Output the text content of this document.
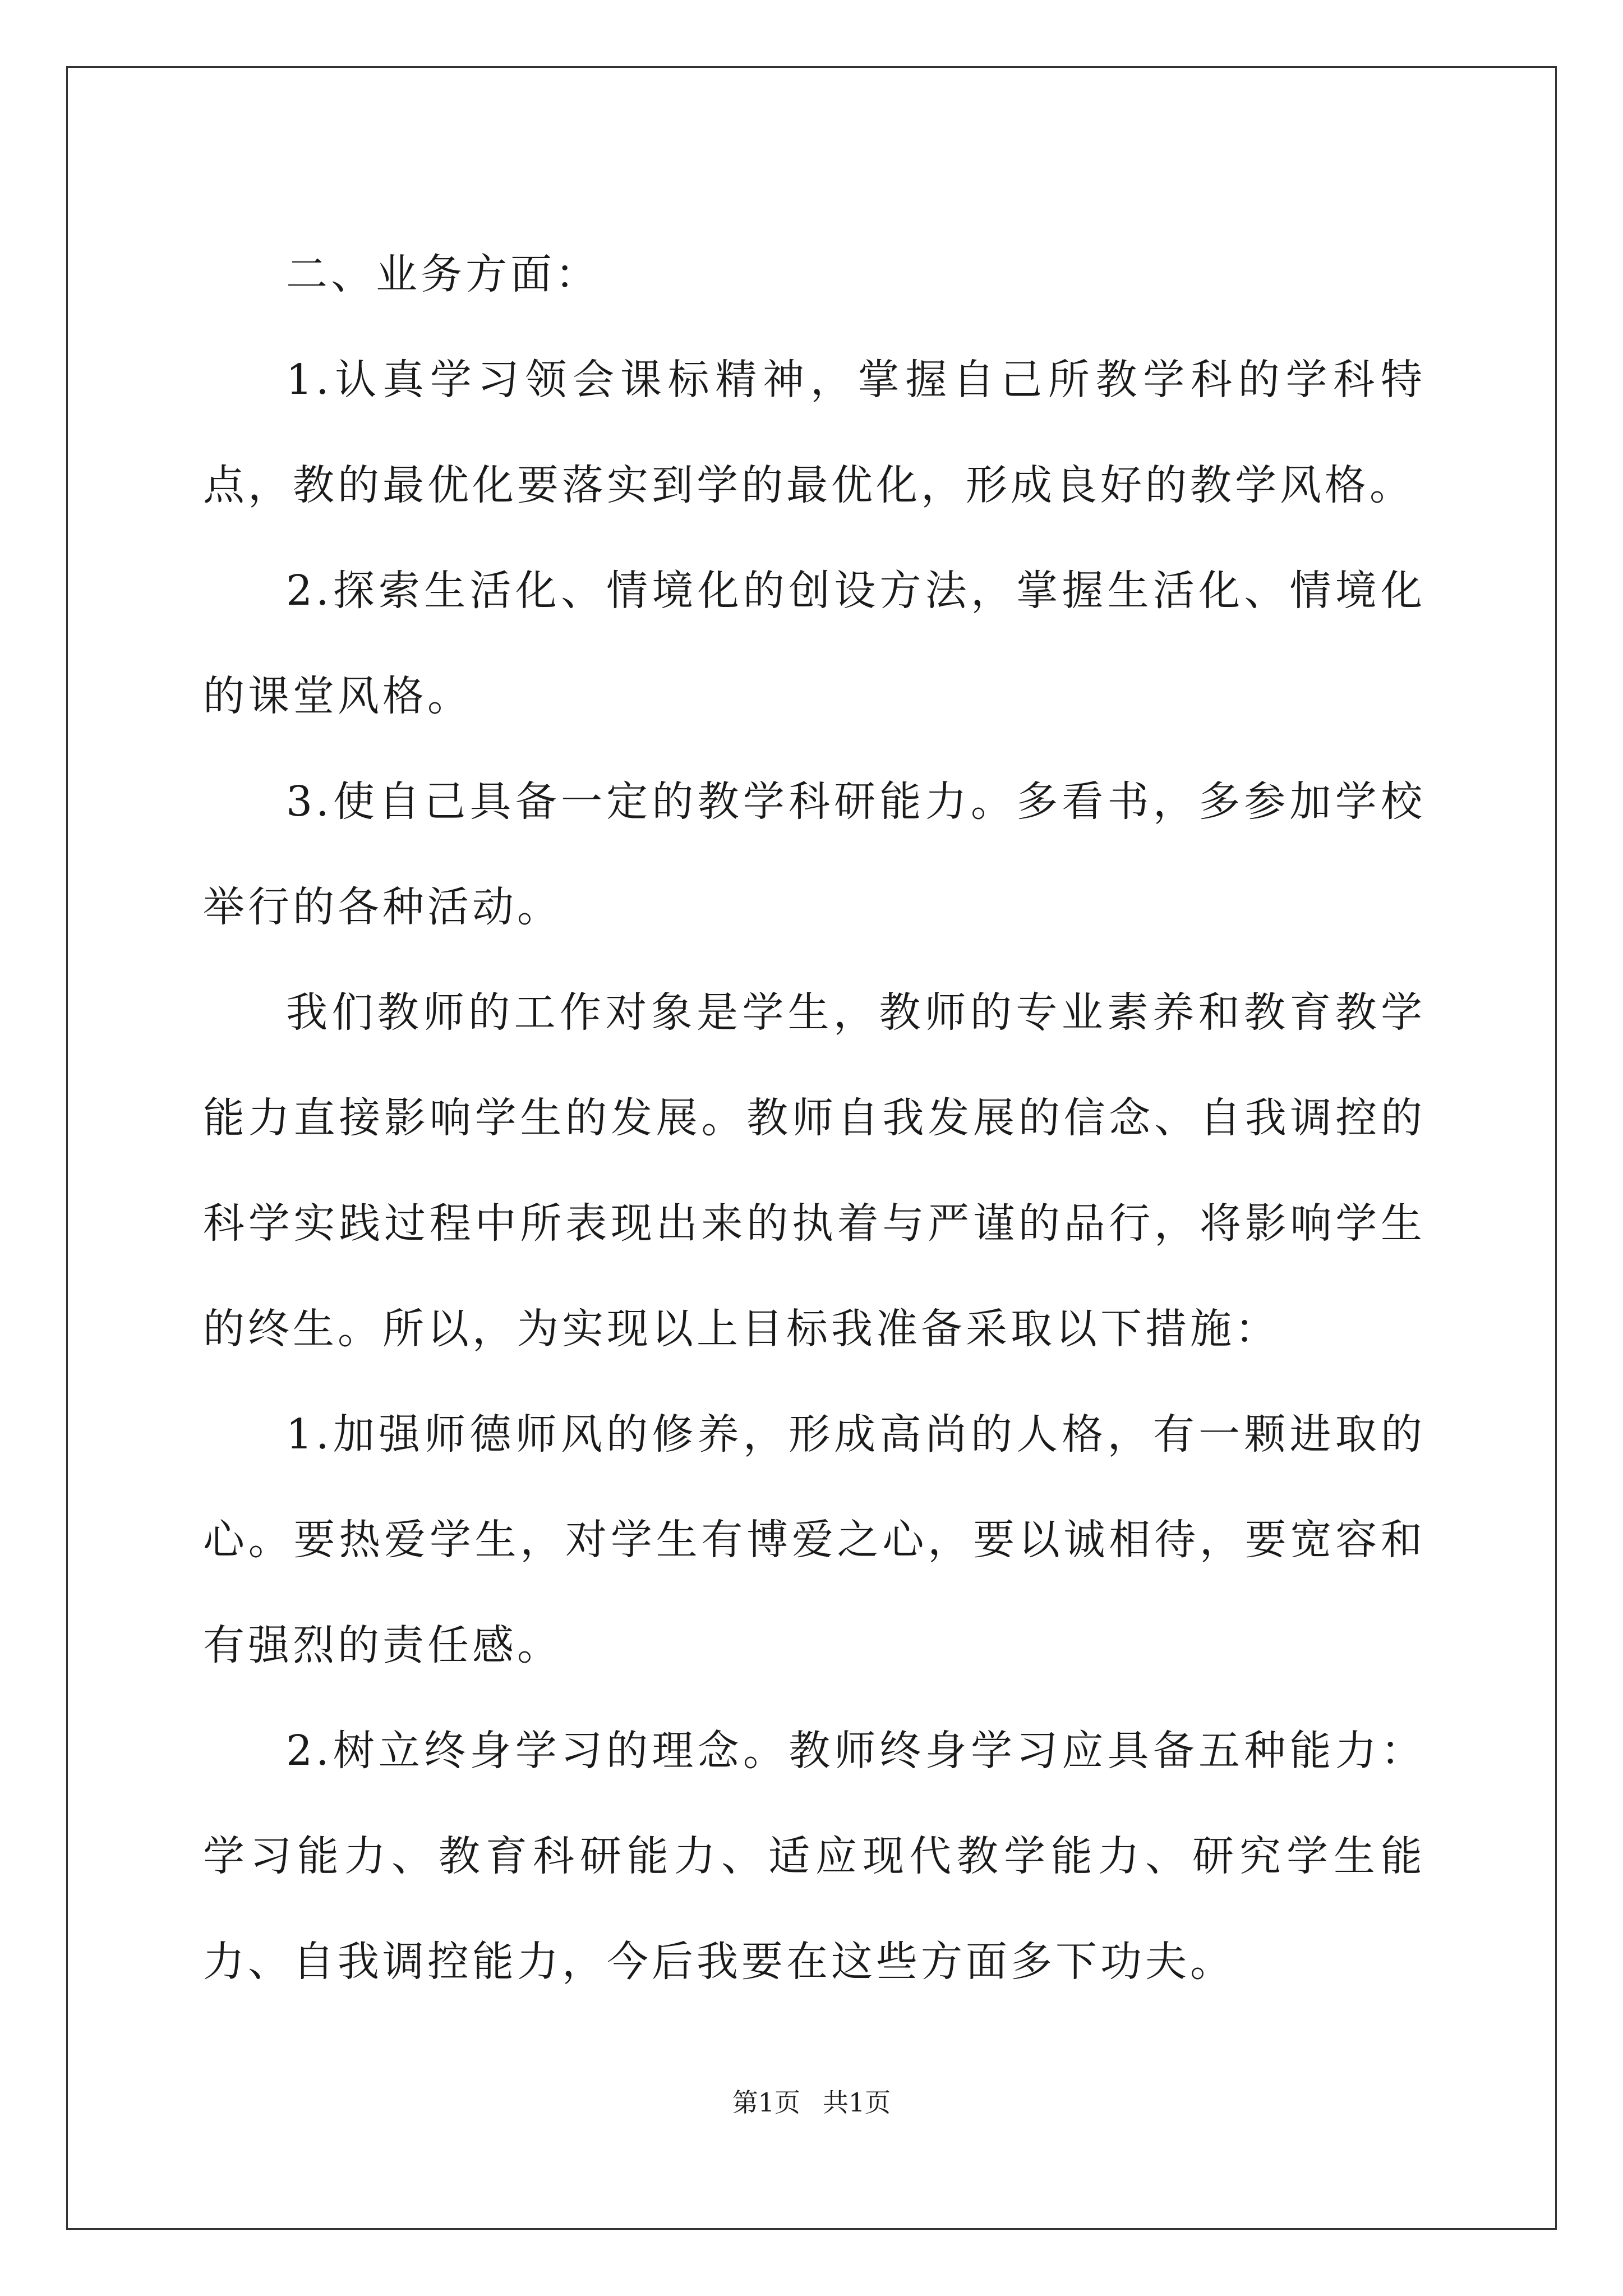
二、业务方面：

1.认真学习领会课标精神，掌握自己所教学科的学科特点，教的最优化要落实到学的最优化，形成良好的教学风格。

2.探索生活化、情境化的创设方法，掌握生活化、情境化的课堂风格。

3.使自己具备一定的教学科研能力。多看书，多参加学校举行的各种活动。

我们教师的工作对象是学生，教师的专业素养和教育教学能力直接影响学生的发展。教师自我发展的信念、自我调控的科学实践过程中所表现出来的执着与严谨的品行，将影响学生的终生。所以，为实现以上目标我准备采取以下措施：

1.加强师德师风的修养，形成高尚的人格，有一颗进取的心。要热爱学生，对学生有博爱之心，要以诚相待，要宽容和有强烈的责任感。

2.树立终身学习的理念。教师终身学习应具备五种能力：学习能力、教育科研能力、适应现代教学能力、研究学生能力、自我调控能力，今后我要在这些方面多下功夫。

第1页 共1页
